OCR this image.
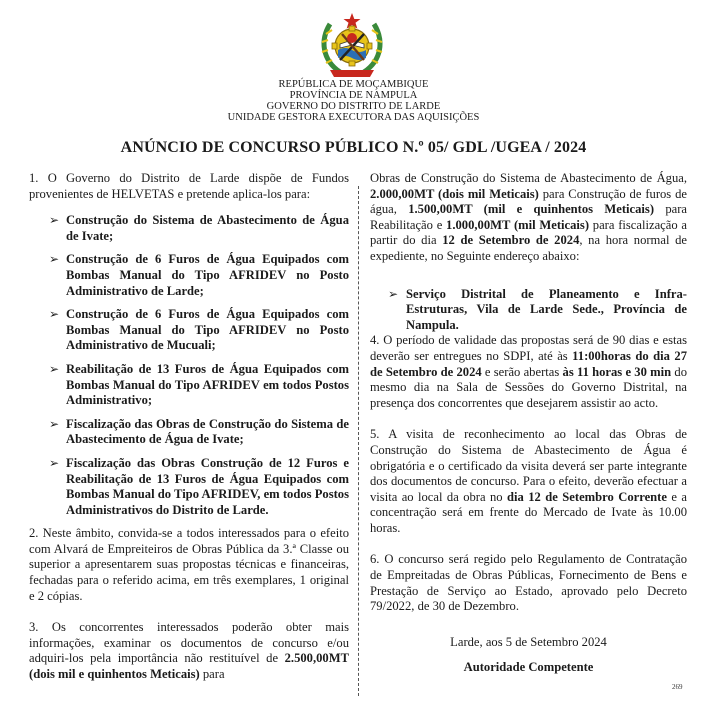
REPÚBLICA DE MOÇAMBIQUE
PROVÍNCIA DE NAMPULA
GOVERNO DO DISTRITO DE LARDE
UNIDADE GESTORA EXECUTORA DAS AQUISIÇÕES
ANÚNCIO DE CONCURSO PÚBLICO N.º 05/ GDL /UGEA / 2024

1. O Governo do Distrito de Larde dispõe de Fundos provenientes de HELVETAS e pretende aplica-los para:

➢ Construção do Sistema de Abastecimento de Água de Ivate;
➢ Construção de 6 Furos de Água Equipados com Bombas Manual do Tipo AFRIDEV no Posto Administrativo de Larde;
➢ Construção de 6 Furos de Água Equipados com Bombas Manual do Tipo AFRIDEV no Posto Administrativo de Mucuali;
➢ Reabilitação de 13 Furos de Água Equipados com Bombas Manual do Tipo AFRIDEV em todos Postos Administrativo;
➢ Fiscalização das Obras de Construção do Sistema de Abastecimento de Água de Ivate;
➢ Fiscalização das Obras Construção de 12 Furos e Reabilitação de 13 Furos de Água Equipados com Bombas Manual do Tipo AFRIDEV, em todos Postos Administrativos do Distrito de Larde.

2. Neste âmbito, convida-se a todos interessados para o efeito com Alvará de Empreiteiros de Obras Pública da 3.ª Classe ou superior a apresentarem suas propostas técnicas e financeiras, fechadas para o referido acima, em três exemplares, 1 original e 2 cópias.

3. Os concorrentes interessados poderão obter mais informações, examinar os documentos de concurso e/ou adquiri-los pela importância não restituível de 2.500,00MT (dois mil e quinhentos Meticais) para

Obras de Construção do Sistema de Abastecimento de Água, 2.000,00MT (dois mil Meticais) para Construção de furos de água, 1.500,00MT (mil e quinhentos Meticais) para Reabilitação e 1.000,00MT (mil Meticais) para fiscalização a partir do dia 12 de Setembro de 2024, na hora normal de expediente, no Seguinte endereço abaixo:

➢ Serviço Distrital de Planeamento e Infra-Estruturas, Vila de Larde Sede., Província de Nampula.

4. O período de validade das propostas será de 90 dias e estas deverão ser entregues no SDPI, até às 11:00horas do dia 27 de Setembro de 2024 e serão abertas às 11 horas e 30 min do mesmo dia na Sala de Sessões do Governo Distrital, na presença dos concorrentes que desejarem assistir ao acto.

5. A visita de reconhecimento ao local das Obras de Construção do Sistema de Abastecimento de Água é obrigatória e o certificado da visita deverá ser parte integrante dos documentos de concurso. Para o efeito, deverão efectuar a visita ao local da obra no dia 12 de Setembro Corrente e a concentração será em frente do Mercado de Ivate às 10.00 horas.

6. O concurso será regido pelo Regulamento de Contratação de Empreitadas de Obras Públicas, Fornecimento de Bens e Prestação de Serviço ao Estado, aprovado pelo Decreto 79/2022, de 30 de Dezembro.

Larde, aos 5 de Setembro 2024

Autoridade Competente

269
